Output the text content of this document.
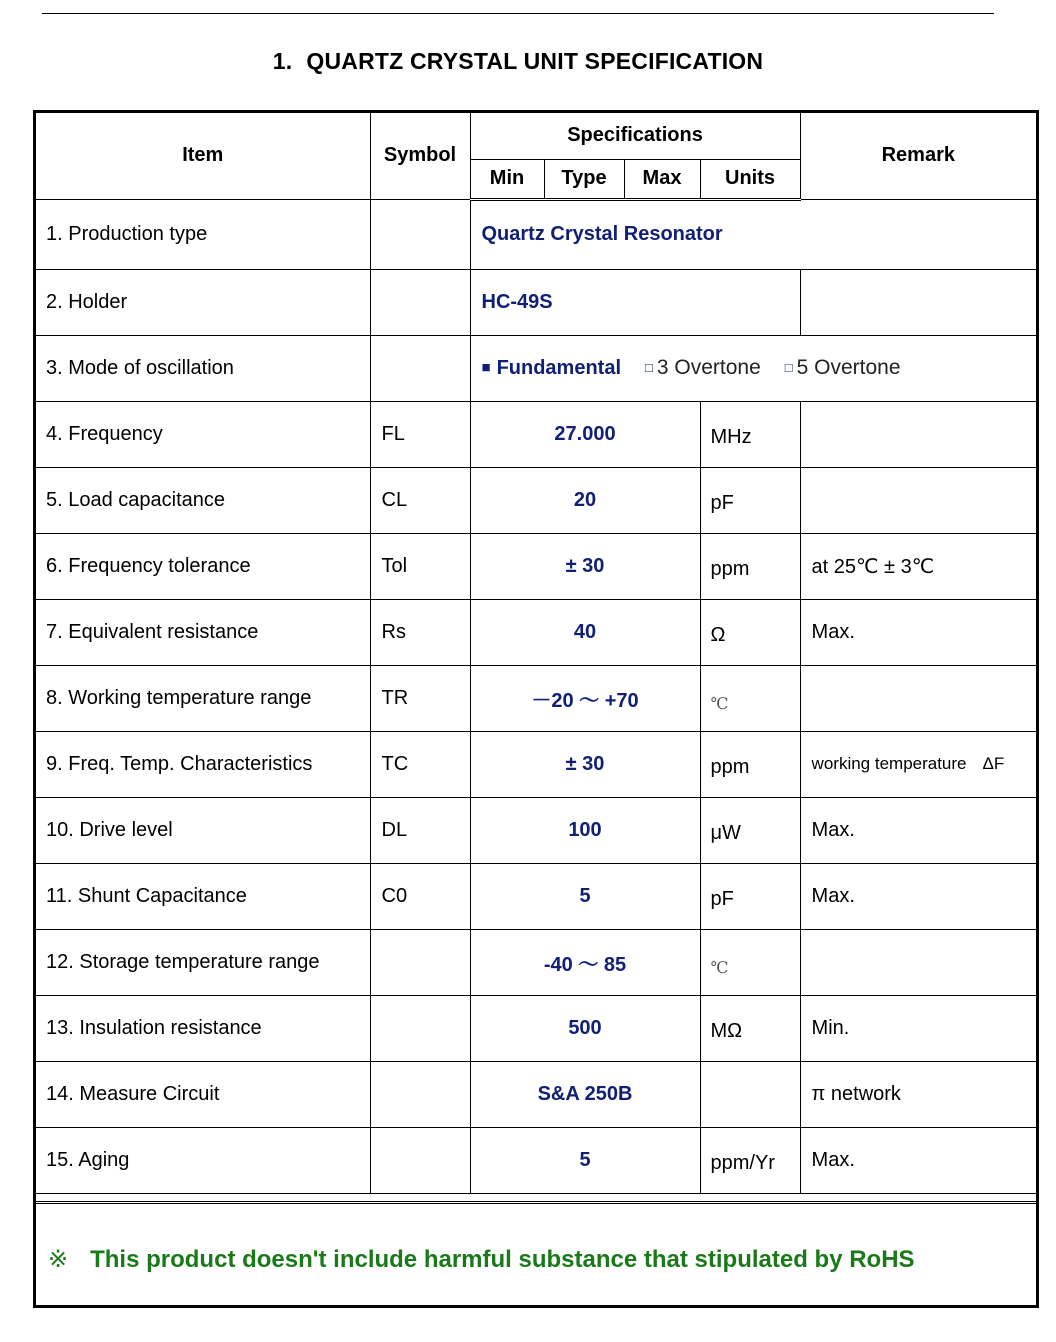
1. QUARTZ CRYSTAL UNIT SPECIFICATION
Item	Symbol	Specifications				Remark
		Min	Type	Max	Units	
1. Production type		Quartz Crystal Resonator				
2. Holder		HC-49S				
3. Mode of oscillation		■ Fundamental □ 3 Overtone □ 5 Overtone				
4. Frequency	FL	27.000			MHz	
5. Load capacitance	CL	20			pF	
6. Frequency tolerance	Tol	± 30			ppm	at 25℃ ± 3℃
7. Equivalent resistance	Rs	40			Ω	Max.
8. Working temperature range	TR	－20 ～ +70			℃	
9. Freq. Temp. Characteristics	TC	± 30			ppm	working temperature ΔF
10. Drive level	DL	100			μW	Max.
11. Shunt Capacitance	C0	5			pF	Max.
12. Storage temperature range		-40 ～ 85			℃	
13. Insulation resistance		500			MΩ	Min.
14. Measure Circuit		S&A 250B				π network
15. Aging		5			ppm/Yr	Max.
※ This product doesn't include harmful substance that stipulated by RoHS
